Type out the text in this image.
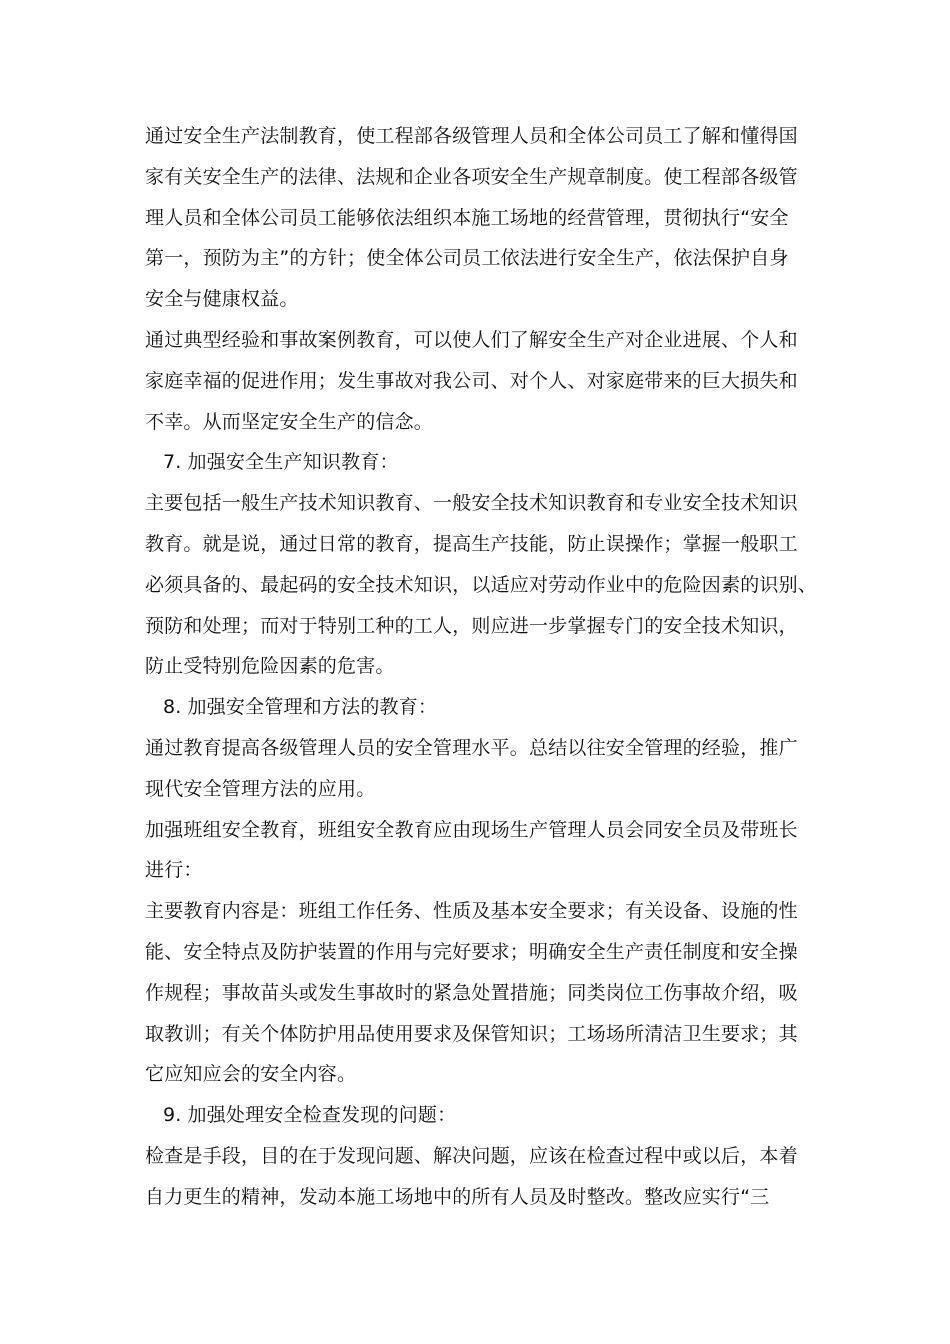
通过安全生产法制教育，使工程部各级管理人员和全体公司员工了解和懂得国
家有关安全生产的法律、法规和企业各项安全生产规章制度。使工程部各级管
理人员和全体公司员工能够依法组织本施工场地的经营管理，贯彻执行“安全
第一，预防为主”的方针；使全体公司员工依法进行安全生产，依法保护自身
安全与健康权益。
通过典型经验和事故案例教育，可以使人们了解安全生产对企业进展、个人和
家庭幸福的促进作用；发生事故对我公司、对个人、对家庭带来的巨大损失和
不幸。从而坚定安全生产的信念。
7. 加强安全生产知识教育：
主要包括一般生产技术知识教育、一般安全技术知识教育和专业安全技术知识
教育。就是说，通过日常的教育，提高生产技能，防止误操作；掌握一般职工
必须具备的、最起码的安全技术知识，以适应对劳动作业中的危险因素的识别、
预防和处理；而对于特别工种的工人，则应进一步掌握专门的安全技术知识，
防止受特别危险因素的危害。
8. 加强安全管理和方法的教育：
通过教育提高各级管理人员的安全管理水平。总结以往安全管理的经验，推广
现代安全管理方法的应用。
加强班组安全教育，班组安全教育应由现场生产管理人员会同安全员及带班长
进行：
主要教育内容是：班组工作任务、性质及基本安全要求；有关设备、设施的性
能、安全特点及防护装置的作用与完好要求；明确安全生产责任制度和安全操
作规程；事故苗头或发生事故时的紧急处置措施；同类岗位工伤事故介绍，吸
取教训；有关个体防护用品使用要求及保管知识；工场场所清洁卫生要求；其
它应知应会的安全内容。
9. 加强处理安全检查发现的问题：
检查是手段，目的在于发现问题、解决问题，应该在检查过程中或以后，本着
自力更生的精神，发动本施工场地中的所有人员及时整改。整改应实行“三
